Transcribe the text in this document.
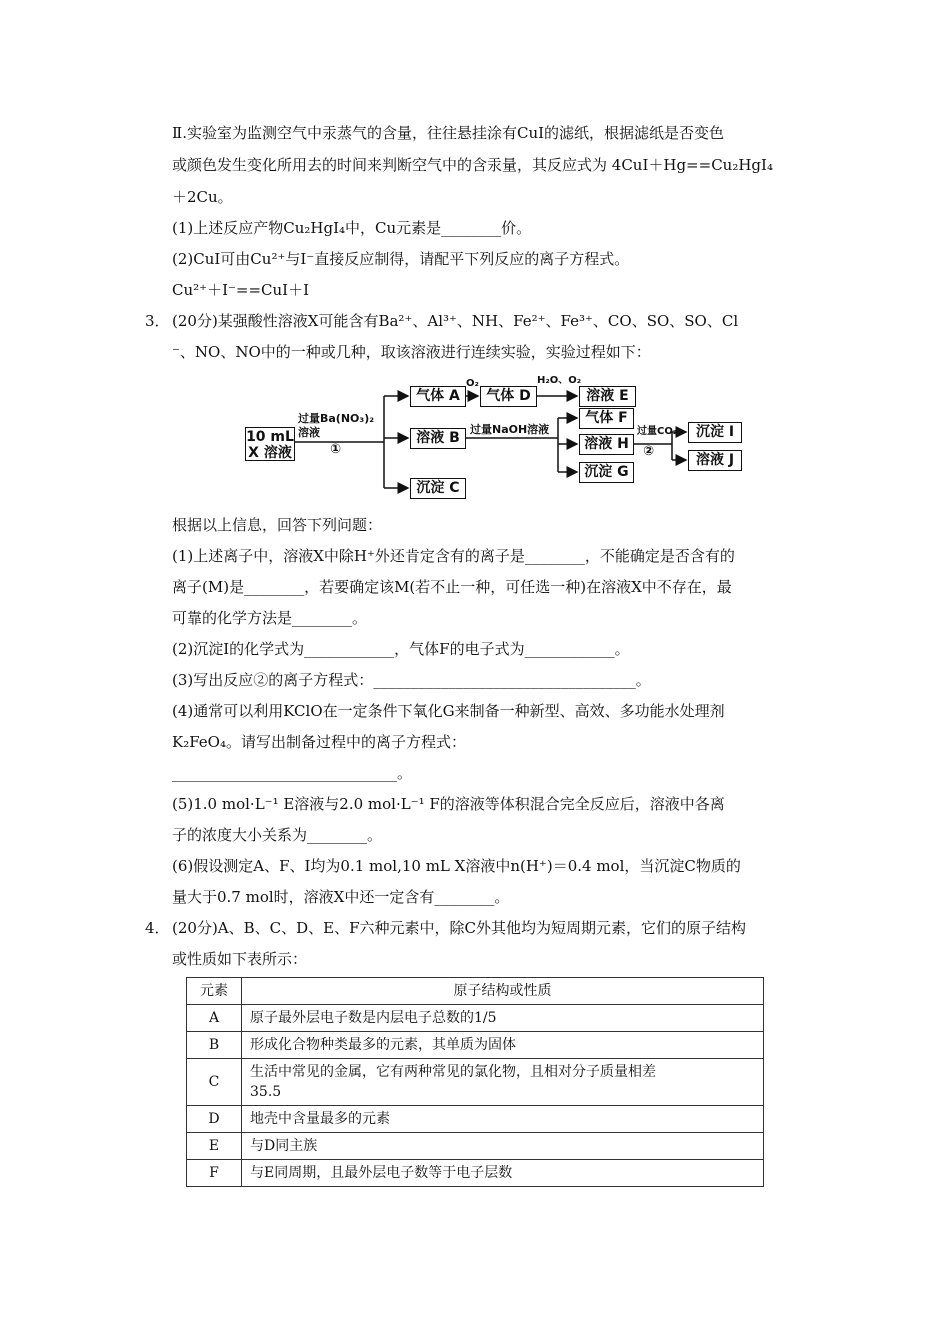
Ⅱ.实验室为监测空气中汞蒸气的含量，往往悬挂涂有CuI的滤纸，根据滤纸是否变色
或颜色发生变化所用去的时间来判断空气中的含汞量，其反应式为 4CuI＋Hg==Cu₂HgI₄
＋2Cu。
(1)上述反应产物Cu₂HgI₄中，Cu元素是________价。
(2)CuI可由Cu²⁺与I⁻直接反应制得，请配平下列反应的离子方程式。
Cu²⁺＋I⁻==CuI＋I
3． (20分)某强酸性溶液X可能含有Ba²⁺、Al³⁺、NH、Fe²⁺、Fe³⁺、CO、SO、SO、Cl
⁻、NO、NO中的一种或几种，取该溶液进行连续实验，实验过程如下：
10 mL
X 溶液
过量Ba(NO₃)₂
溶液
①
气体 A
O₂
气体 D
H₂O、O₂
溶液 E
溶液 B
过量NaOH溶液
气体 F
溶液 H
过量CO₂
②
沉淀 G
沉淀 I
溶液 J
沉淀 C
根据以上信息，回答下列问题：
(1)上述离子中，溶液X中除H⁺外还肯定含有的离子是________，不能确定是否含有的
离子(M)是________，若要确定该M(若不止一种，可任选一种)在溶液X中不存在，最
可靠的化学方法是________。
(2)沉淀I的化学式为____________，气体F的电子式为____________。
(3)写出反应②的离子方程式：___________________________________。
(4)通常可以利用KClO在一定条件下氧化G来制备一种新型、高效、多功能水处理剂
K₂FeO₄。请写出制备过程中的离子方程式：
______________________________。
(5)1.0 mol·L⁻¹ E溶液与2.0 mol·L⁻¹ F的溶液等体积混合完全反应后，溶液中各离
子的浓度大小关系为________。
(6)假设测定A、F、I均为0.1 mol,10 mL X溶液中n(H⁺)＝0.4 mol，当沉淀C物质的
量大于0.7 mol时，溶液X中还一定含有________。
4． (20分)A、B、C、D、E、F六种元素中，除C外其他均为短周期元素，它们的原子结构
或性质如下表所示：
元素	原子结构或性质
A	原子最外层电子数是内层电子总数的1/5
B	形成化合物种类最多的元素，其单质为固体
C	生活中常见的金属，它有两种常见的氯化物，且相对分子质量相差
35.5
D	地壳中含量最多的元素
E	与D同主族
F	与E同周期，且最外层电子数等于电子层数
